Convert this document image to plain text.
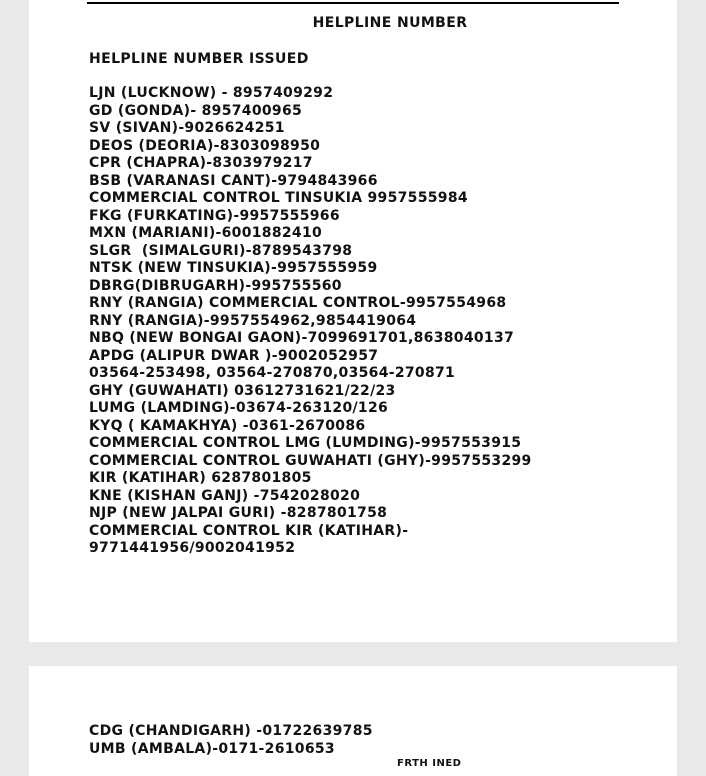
HELPLINE NUMBER
HELPLINE NUMBER ISSUED
LJN (LUCKNOW) - 8957409292
GD (GONDA)- 8957400965
SV (SIVAN)-9026624251
DEOS (DEORIA)-8303098950
CPR (CHAPRA)-8303979217
BSB (VARANASI CANT)-9794843966
COMMERCIAL CONTROL TINSUKIA 9957555984
FKG (FURKATING)-9957555966
MXN (MARIANI)-6001882410
SLGR  (SIMALGURI)-8789543798
NTSK (NEW TINSUKIA)-9957555959
DBRG(DIBRUGARH)-995755560
RNY (RANGIA) COMMERCIAL CONTROL-9957554968
RNY (RANGIA)-9957554962,9854419064
NBQ (NEW BONGAI GAON)-7099691701,8638040137
APDG (ALIPUR DWAR )-9002052957
03564-253498, 03564-270870,03564-270871
GHY (GUWAHATI) 03612731621/22/23
LUMG (LAMDING)-03674-263120/126
KYQ ( KAMAKHYA) -0361-2670086
COMMERCIAL CONTROL LMG (LUMDING)-9957553915
COMMERCIAL CONTROL GUWAHATI (GHY)-9957553299
KIR (KATIHAR) 6287801805
KNE (KISHAN GANJ) -7542028020
NJP (NEW JALPAI GURI) -8287801758
COMMERCIAL CONTROL KIR (KATIHAR)-
9771441956/9002041952
CDG (CHANDIGARH) -01722639785
UMB (AMBALA)-0171-2610653
FRTH INED
